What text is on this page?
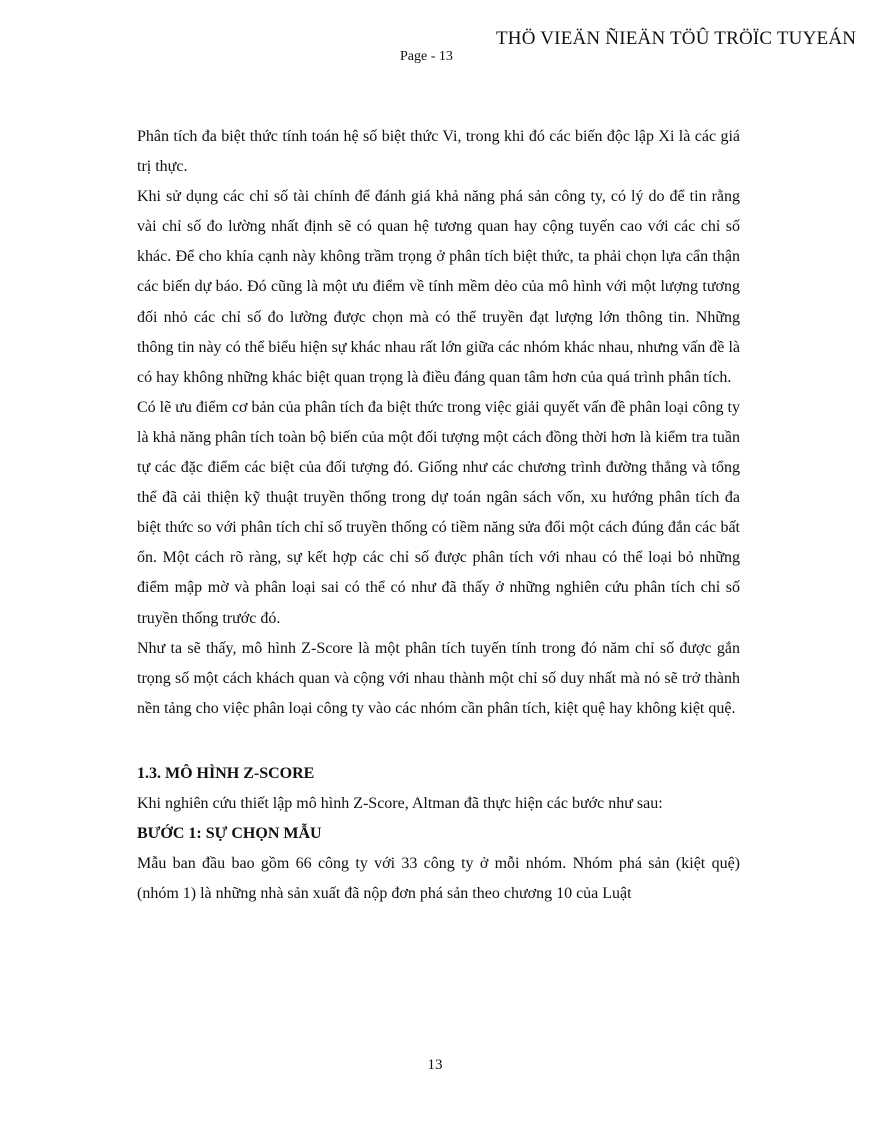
THÖ VIEÄN ÑIEÄN TÖÛ TRÖÏC TUYEÁN
Page - 13

Phân tích đa biệt thức tính toán hệ số biệt thức Vi, trong khi đó các biến độc lập Xi là các giá trị thực.

Khi sử dụng các chỉ số tài chính để đánh giá khả năng phá sản công ty, có lý do để tin rằng vài chỉ số đo lường nhất định sẽ có quan hệ tương quan hay cộng tuyến cao với các chỉ số khác. Để cho khía cạnh này không trầm trọng ở phân tích biệt thức, ta phải chọn lựa cẩn thận các biến dự báo. Đó cũng là một ưu điểm về tính mềm dẻo của mô hình với một lượng tương đối nhỏ các chỉ số đo lường được chọn mà có thể truyền đạt lượng lớn thông tin. Những thông tin này có thể biểu hiện sự khác nhau rất lớn giữa các nhóm khác nhau, nhưng vấn đề là có hay không những khác biệt quan trọng là điều đáng quan tâm hơn của quá trình phân tích.

Có lẽ ưu điểm cơ bản của phân tích đa biệt thức trong việc giải quyết vấn đề phân loại công ty là khả năng phân tích toàn bộ biến của một đối tượng một cách đồng thời hơn là kiểm tra tuần tự các đặc điểm các biệt của đối tượng đó. Giống như các chương trình đường thẳng và tổng thể đã cải thiện kỹ thuật truyền thống trong dự toán ngân sách vốn, xu hướng phân tích đa biệt thức so với phân tích chỉ số truyền thống có tiềm năng sửa đổi một cách đúng đắn các bất ổn. Một cách rõ ràng, sự kết hợp các chỉ số được phân tích với nhau có thể loại bỏ những điểm mập mờ và phân loại sai có thể có như đã thấy ở những nghiên cứu phân tích chỉ số truyền thống trước đó.

Như ta sẽ thấy, mô hình Z-Score là một phân tích tuyến tính trong đó năm chỉ số được gắn trọng số một cách khách quan và cộng với nhau thành một chỉ số duy nhất mà nó sẽ trở thành nền tảng cho việc phân loại công ty vào các nhóm cần phân tích, kiệt quệ hay không kiệt quệ.

1.3. MÔ HÌNH Z-SCORE

Khi nghiên cứu thiết lập mô hình Z-Score, Altman đã thực hiện các bước như sau:

BƯỚC 1: SỰ CHỌN MẪU

Mẫu ban đầu bao gồm 66 công ty với 33 công ty ở mỗi nhóm. Nhóm phá sản (kiệt quệ) (nhóm 1) là những nhà sản xuất đã nộp đơn phá sản theo chương 10 của Luật

13
